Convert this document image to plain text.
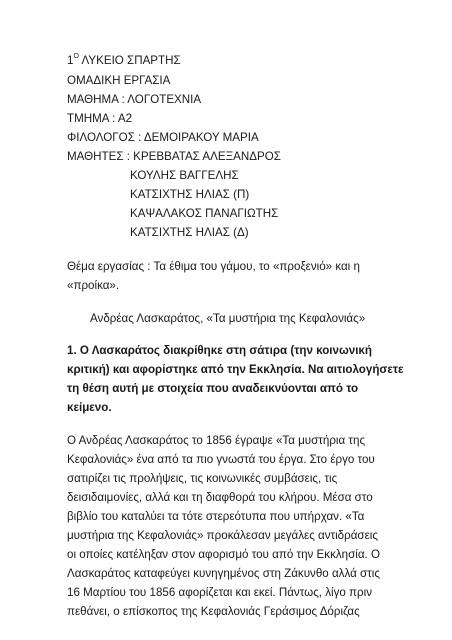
$1^O$ ΛΥΚΕΙΟ ΣΠΑΡΤΗΣ
ΟΜΑΔΙΚΗ ΕΡΓΑΣΙΑ
ΜΑΘΗΜΑ : ΛΟΓΟΤΕΧΝΙΑ
ΤΜΗΜΑ : Α2
ΦΙΛΟΛΟΓΟΣ : ΔΕΜΟΙΡΑΚΟΥ ΜΑΡΙΑ
ΜΑΘΗΤΕΣ : ΚΡΕΒΒΑΤΑΣ ΑΛΕΞΑΝΔΡΟΣ
ΚΟΥΛΗΣ ΒΑΓΓΕΛΗΣ
ΚΑΤΣΙΧΤΗΣ ΗΛΙΑΣ (Π)
ΚΑΨΑΛΑΚΟΣ ΠΑΝΑΓΙΩΤΗΣ
ΚΑΤΣΙΧΤΗΣ ΗΛΙΑΣ (Δ)
Θέμα εργασίας : Τα έθιμα του γάμου, το «προξενιό» και η
«προίκα».
Ανδρέας Λασκαράτος, «Τα μυστήρια της Κεφαλονιάς»
1. Ο Λασκαράτος διακρίθηκε στη σάτιρα (την κοινωνική
κριτική) και αφορίστηκε από την Εκκλησία. Να αιτιολογήσετε
τη θέση αυτή με στοιχεία που αναδεικνύονται από το
κείμενο.
Ο Ανδρέας Λασκαράτος το 1856 έγραψε «Τα μυστήρια της
Κεφαλονιάς» ένα από τα πιο γνωστά του έργα. Στο έργο του
σατιρίζει τις προλήψεις, τις κοινωνικές συμβάσεις, τις
δεισιδαιμονίες, αλλά και τη διαφθορά του κλήρου. Μέσα στο
βιβλίο του καταλύει τα τότε στερεότυπα που υπήρχαν. «Τα
μυστήρια της Κεφαλονιάς» προκάλεσαν μεγάλες αντιδράσεις
οι οποίες κατέληξαν στον αφορισμό του από την Εκκλησία. Ο
Λασκαράτος καταφεύγει κυνηγημένος στη Ζάκυνθο αλλά στις
16 Μαρτίου του 1856 αφορίζεται και εκεί. Πάντως, λίγο πριν
πεθάνει, ο επίσκοπος της Κεφαλονιάς Γεράσιμος Δόριζας
